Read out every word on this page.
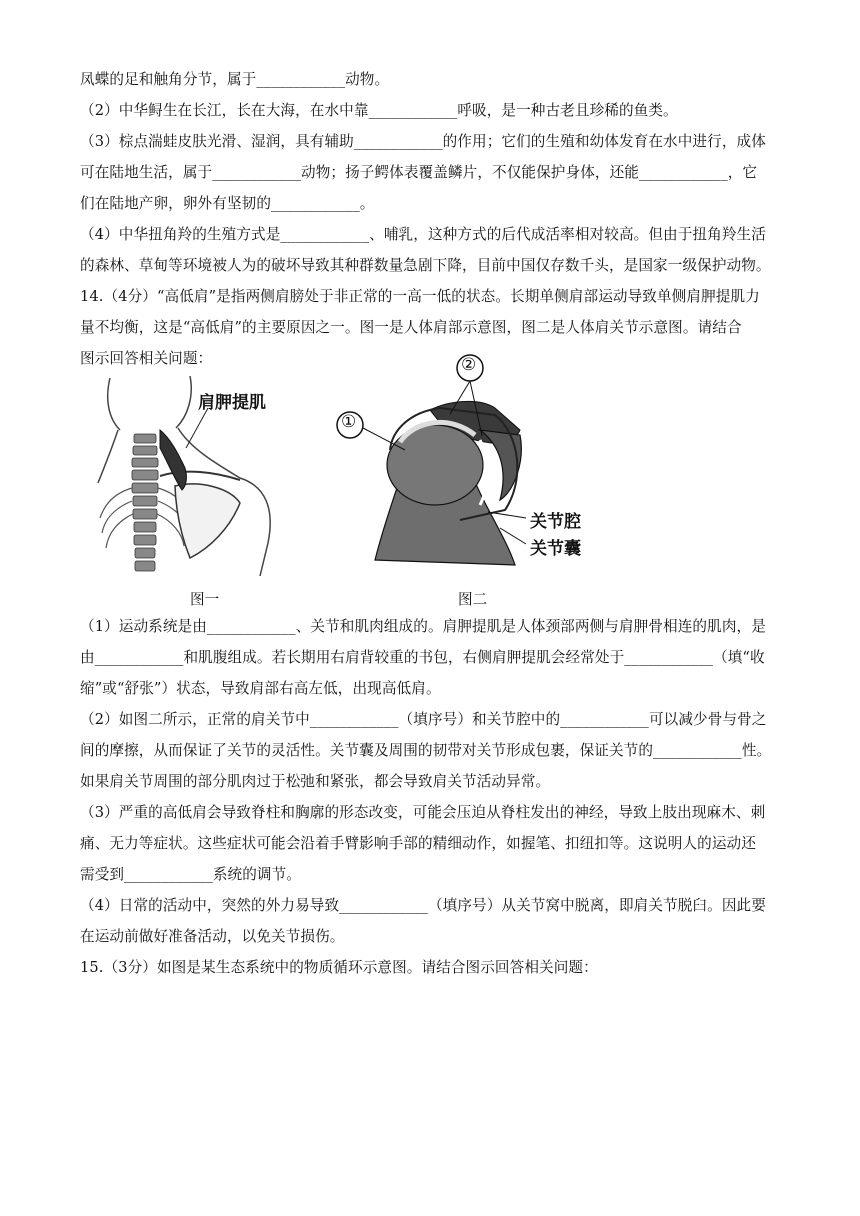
凤蝶的足和触角分节，属于____________动物。
（2）中华鲟生在长江，长在大海，在水中靠____________呼吸，是一种古老且珍稀的鱼类。
（3）棕点湍蛙皮肤光滑、湿润，具有辅助____________的作用；它们的生殖和幼体发育在水中进行，成体
可在陆地生活，属于____________动物；扬子鳄体表覆盖鳞片，不仅能保护身体，还能____________，它
们在陆地产卵，卵外有坚韧的____________。
（4）中华扭角羚的生殖方式是____________、哺乳，这种方式的后代成活率相对较高。但由于扭角羚生活
的森林、草甸等环境被人为的破坏导致其种群数量急剧下降，目前中国仅存数千头，是国家一级保护动物。
14.（4分）“高低肩”是指两侧肩膀处于非正常的一高一低的状态。长期单侧肩部运动导致单侧肩胛提肌力
量不均衡，这是“高低肩”的主要原因之一。图一是人体肩部示意图，图二是人体肩关节示意图。请结合
图示回答相关问题：
肩胛提肌
图一
①
②
关节腔
关节囊
图二
（1）运动系统是由____________、关节和肌肉组成的。肩胛提肌是人体颈部两侧与肩胛骨相连的肌肉，是
由____________和肌腹组成。若长期用右肩背较重的书包，右侧肩胛提肌会经常处于____________（填“收
缩”或“舒张”）状态，导致肩部右高左低，出现高低肩。
（2）如图二所示，正常的肩关节中____________（填序号）和关节腔中的____________可以减少骨与骨之
间的摩擦，从而保证了关节的灵活性。关节囊及周围的韧带对关节形成包裹，保证关节的____________性。
如果肩关节周围的部分肌肉过于松弛和紧张，都会导致肩关节活动异常。
（3）严重的高低肩会导致脊柱和胸廓的形态改变，可能会压迫从脊柱发出的神经，导致上肢出现麻木、刺
痛、无力等症状。这些症状可能会沿着手臂影响手部的精细动作，如握笔、扣纽扣等。这说明人的运动还
需受到____________系统的调节。
（4）日常的活动中，突然的外力易导致____________（填序号）从关节窝中脱离，即肩关节脱臼。因此要
在运动前做好准备活动，以免关节损伤。
15.（3分）如图是某生态系统中的物质循环示意图。请结合图示回答相关问题：
